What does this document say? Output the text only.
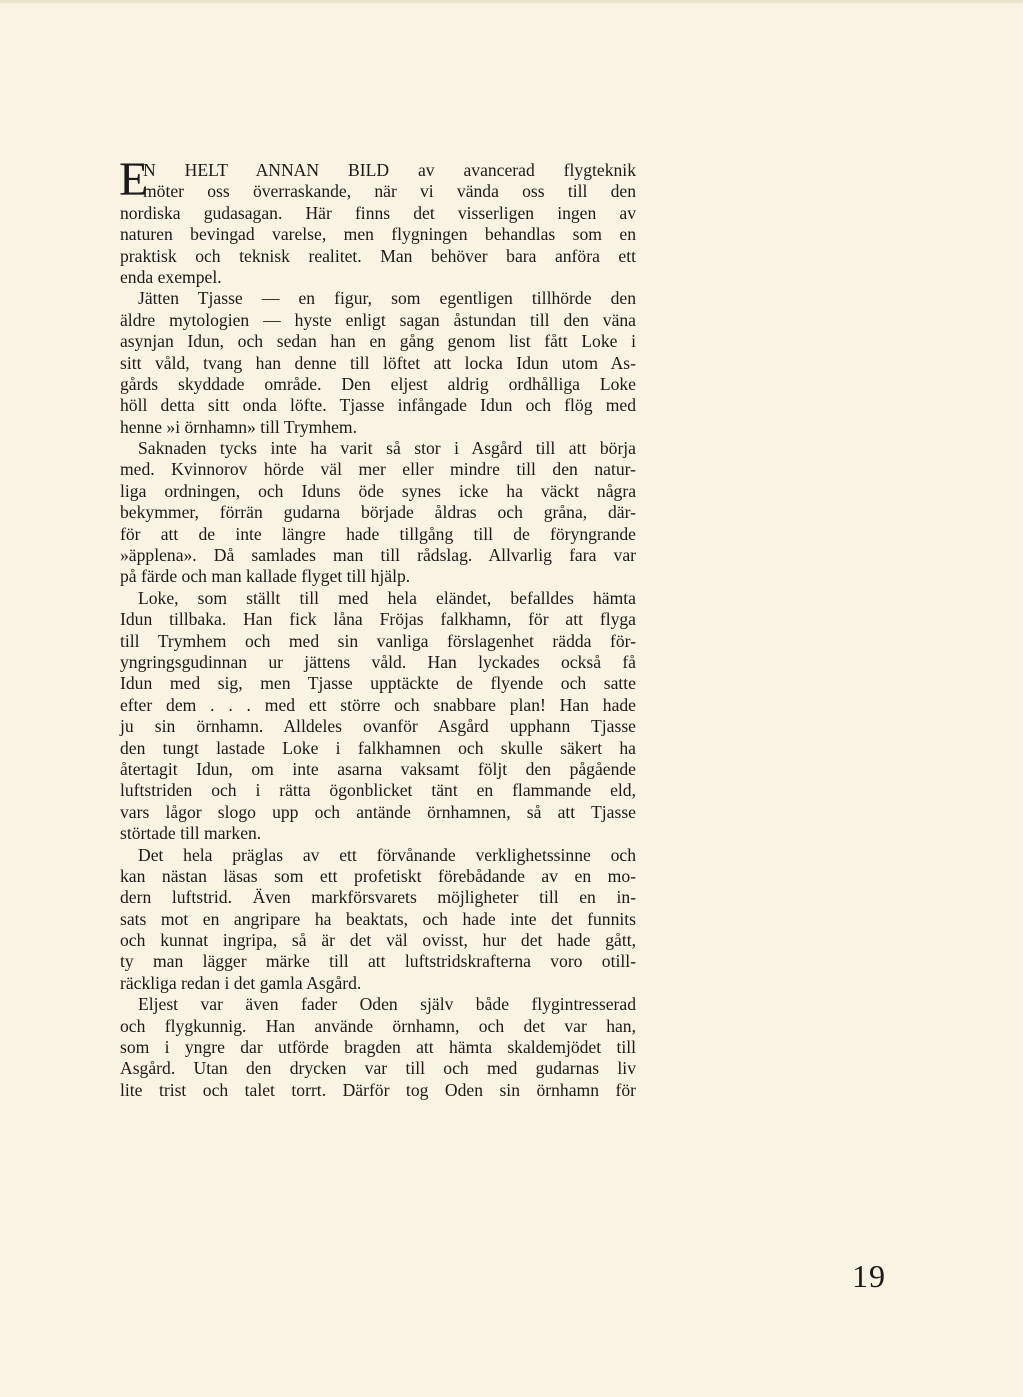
E
N HELT ANNAN BILD av avancerad flygteknik
möter oss överraskande, när vi vända oss till den
nordiska gudasagan. Här finns det visserligen ingen av
naturen bevingad varelse, men flygningen behandlas som en
praktisk och teknisk realitet. Man behöver bara anföra ett
enda exempel.
Jätten Tjasse — en figur, som egentligen tillhörde den
äldre mytologien — hyste enligt sagan åstundan till den väna
asynjan Idun, och sedan han en gång genom list fått Loke i
sitt våld, tvang han denne till löftet att locka Idun utom As-
gårds skyddade område. Den eljest aldrig ordhålliga Loke
höll detta sitt onda löfte. Tjasse infångade Idun och flög med
henne »i örnhamn» till Trymhem.
Saknaden tycks inte ha varit så stor i Asgård till att börja
med. Kvinnorov hörde väl mer eller mindre till den natur-
liga ordningen, och Iduns öde synes icke ha väckt några
bekymmer, förrän gudarna började åldras och gråna, där-
för att de inte längre hade tillgång till de föryngrande
»äpplena». Då samlades man till rådslag. Allvarlig fara var
på färde och man kallade flyget till hjälp.
Loke, som ställt till med hela eländet, befalldes hämta
Idun tillbaka. Han fick låna Fröjas falkhamn, för att flyga
till Trymhem och med sin vanliga förslagenhet rädda för-
yngringsgudinnan ur jättens våld. Han lyckades också få
Idun med sig, men Tjasse upptäckte de flyende och satte
efter dem . . . med ett större och snabbare plan! Han hade
ju sin örnhamn. Alldeles ovanför Asgård upphann Tjasse
den tungt lastade Loke i falkhamnen och skulle säkert ha
återtagit Idun, om inte asarna vaksamt följt den pågående
luftstriden och i rätta ögonblicket tänt en flammande eld,
vars lågor slogo upp och antände örnhamnen, så att Tjasse
störtade till marken.
Det hela präglas av ett förvånande verklighetssinne och
kan nästan läsas som ett profetiskt förebådande av en mo-
dern luftstrid. Även markförsvarets möjligheter till en in-
sats mot en angripare ha beaktats, och hade inte det funnits
och kunnat ingripa, så är det väl ovisst, hur det hade gått,
ty man lägger märke till att luftstridskrafterna voro otill-
räckliga redan i det gamla Asgård.
Eljest var även fader Oden själv både flygintresserad
och flygkunnig. Han använde örnhamn, och det var han,
som i yngre dar utförde bragden att hämta skaldemjödet till
Asgård. Utan den drycken var till och med gudarnas liv
lite trist och talet torrt. Därför tog Oden sin örnhamn för
19
